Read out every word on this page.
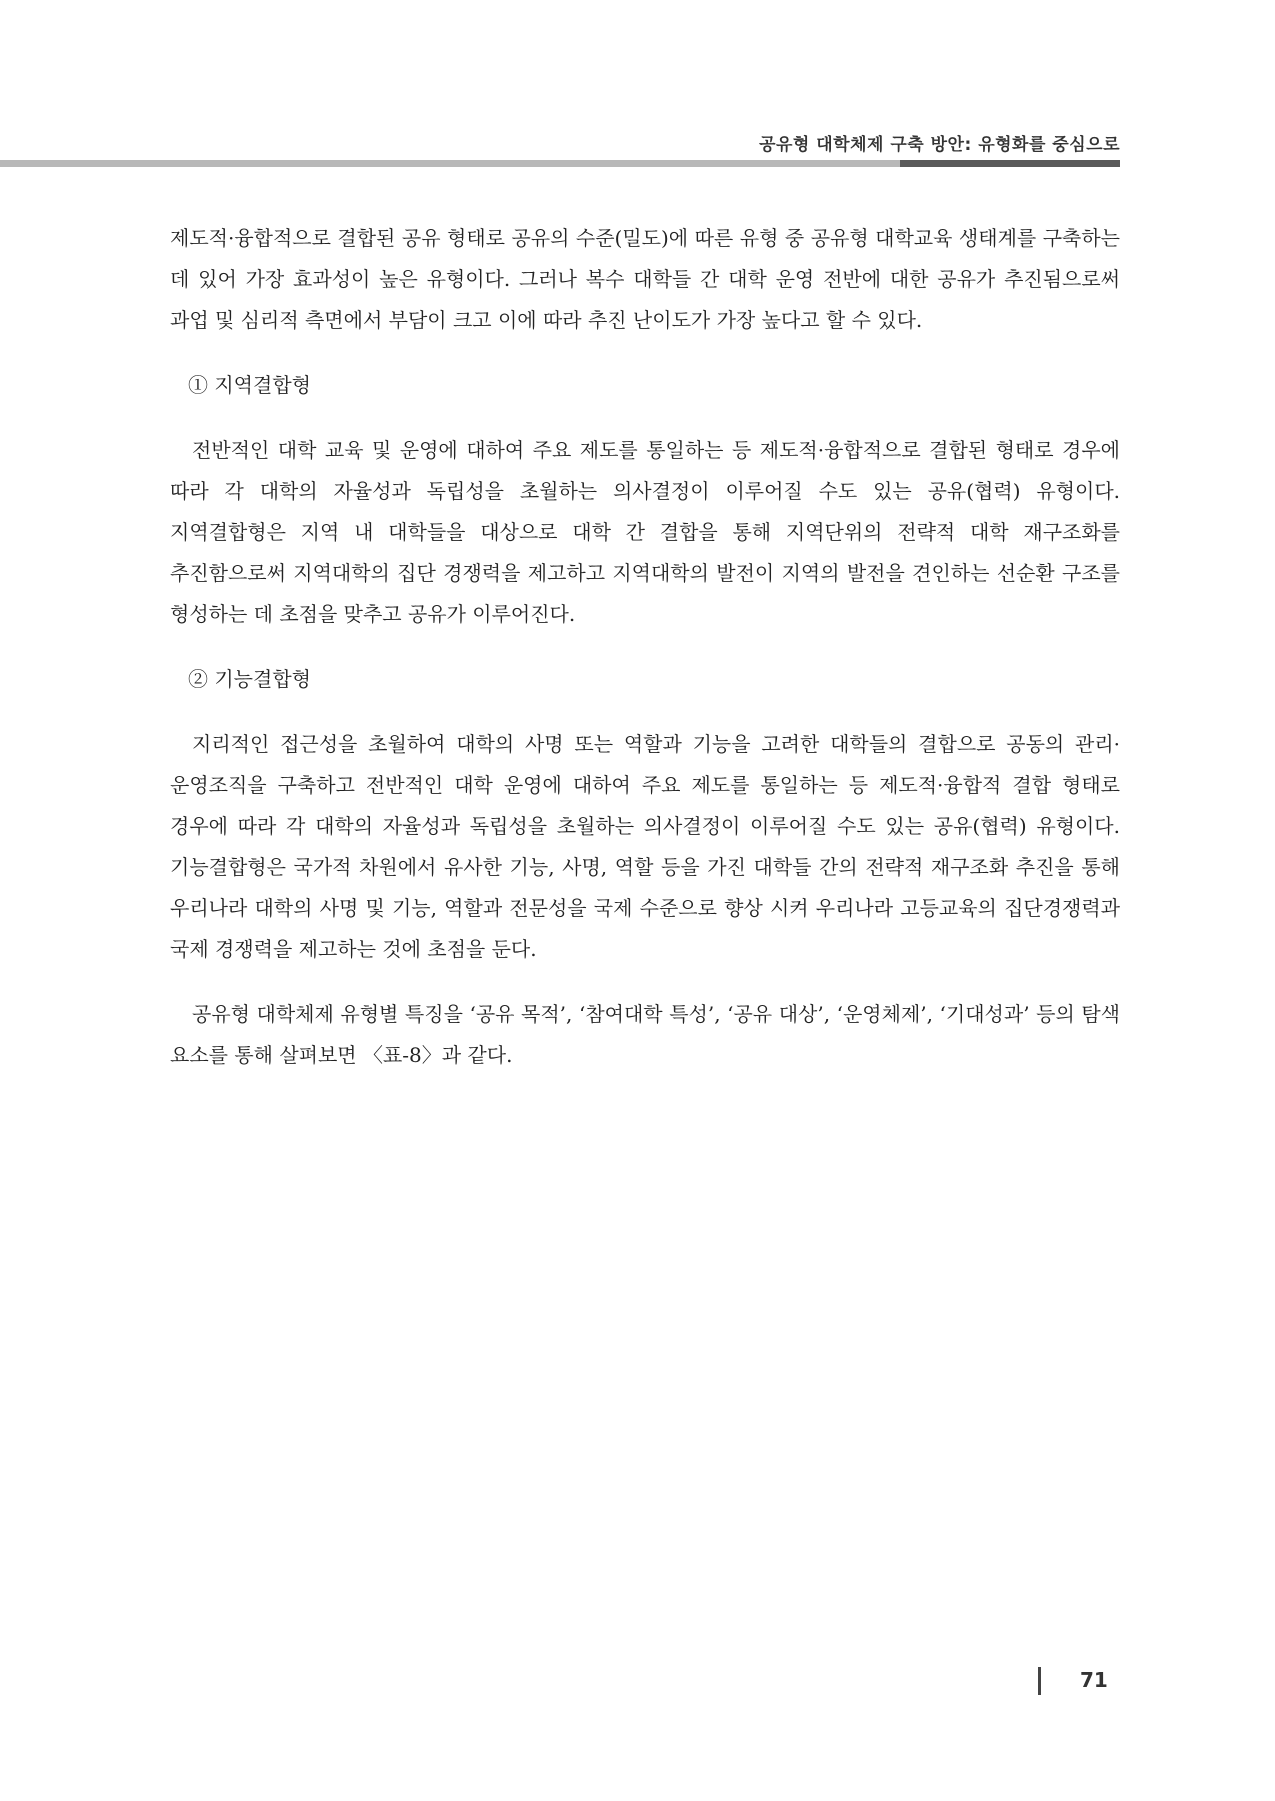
공유형 대학체제 구축 방안: 유형화를 중심으로

제도적·융합적으로 결합된 공유 형태로 공유의 수준(밀도)에 따른 유형 중 공유형 대학교육 생태계를 구축하는 데 있어 가장 효과성이 높은 유형이다. 그러나 복수 대학들 간 대학 운영 전반에 대한 공유가 추진됨으로써 과업 및 심리적 측면에서 부담이 크고 이에 따라 추진 난이도가 가장 높다고 할 수 있다.

① 지역결합형

전반적인 대학 교육 및 운영에 대하여 주요 제도를 통일하는 등 제도적·융합적으로 결합된 형태로 경우에 따라 각 대학의 자율성과 독립성을 초월하는 의사결정이 이루어질 수도 있는 공유(협력) 유형이다. 지역결합형은 지역 내 대학들을 대상으로 대학 간 결합을 통해 지역단위의 전략적 대학 재구조화를 추진함으로써 지역대학의 집단 경쟁력을 제고하고 지역대학의 발전이 지역의 발전을 견인하는 선순환 구조를 형성하는 데 초점을 맞추고 공유가 이루어진다.

② 기능결합형

지리적인 접근성을 초월하여 대학의 사명 또는 역할과 기능을 고려한 대학들의 결합으로 공동의 관리·운영조직을 구축하고 전반적인 대학 운영에 대하여 주요 제도를 통일하는 등 제도적·융합적 결합 형태로 경우에 따라 각 대학의 자율성과 독립성을 초월하는 의사결정이 이루어질 수도 있는 공유(협력) 유형이다. 기능결합형은 국가적 차원에서 유사한 기능, 사명, 역할 등을 가진 대학들 간의 전략적 재구조화 추진을 통해 우리나라 대학의 사명 및 기능, 역할과 전문성을 국제 수준으로 향상 시켜 우리나라 고등교육의 집단경쟁력과 국제 경쟁력을 제고하는 것에 초점을 둔다.

공유형 대학체제 유형별 특징을 ‘공유 목적’, ‘참여대학 특성’, ‘공유 대상’, ‘운영체제’, ‘기대성과’ 등의 탐색 요소를 통해 살펴보면 〈표-8〉과 같다.

71
